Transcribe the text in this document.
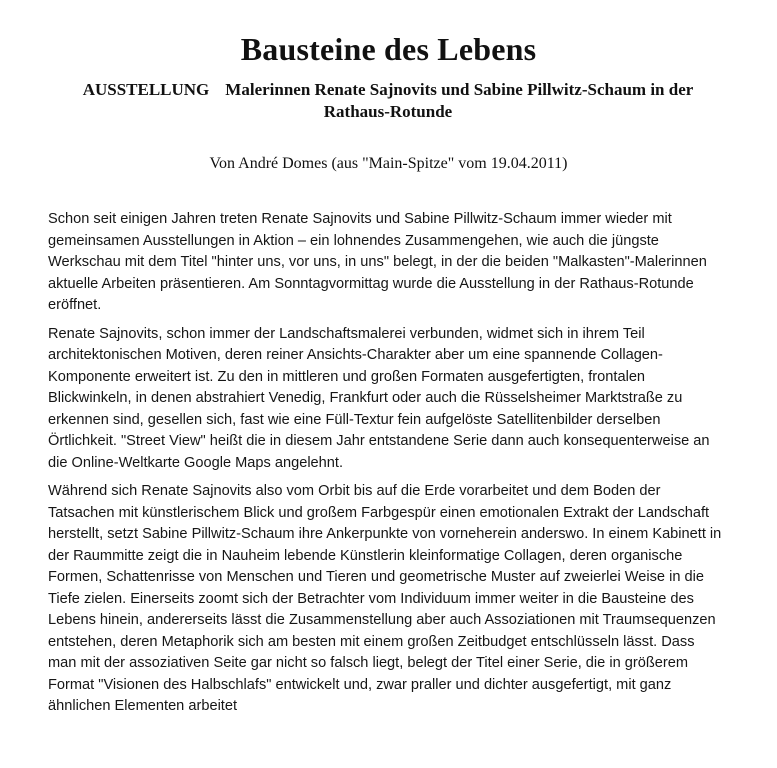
Bausteine des Lebens
AUSSTELLUNG Malerinnen Renate Sajnovits und Sabine Pillwitz-Schaum in der Rathaus-Rotunde
Von André Domes (aus "Main-Spitze" vom 19.04.2011)

Schon seit einigen Jahren treten Renate Sajnovits und Sabine Pillwitz-Schaum immer wieder mit gemeinsamen Ausstellungen in Aktion – ein lohnendes Zusammengehen, wie auch die jüngste Werkschau mit dem Titel "hinter uns, vor uns, in uns" belegt, in der die beiden "Malkasten"-Malerinnen aktuelle Arbeiten präsentieren. Am Sonntagvormittag wurde die Ausstellung in der Rathaus-Rotunde eröffnet.

Renate Sajnovits, schon immer der Landschaftsmalerei verbunden, widmet sich in ihrem Teil architektonischen Motiven, deren reiner Ansichts-Charakter aber um eine spannende Collagen-Komponente erweitert ist. Zu den in mittleren und großen Formaten ausgefertigten, frontalen Blickwinkeln, in denen abstrahiert Venedig, Frankfurt oder auch die Rüsselsheimer Marktstraße zu erkennen sind, gesellen sich, fast wie eine Füll-Textur fein aufgelöste Satellitenbilder derselben Örtlichkeit. "Street View" heißt die in diesem Jahr entstandene Serie dann auch konsequenterweise an die Online-Weltkarte Google Maps angelehnt.

Während sich Renate Sajnovits also vom Orbit bis auf die Erde vorarbeitet und dem Boden der Tatsachen mit künstlerischem Blick und großem Farbgespür einen emotionalen Extrakt der Landschaft herstellt, setzt Sabine Pillwitz-Schaum ihre Ankerpunkte von vorneherein anderswo. In einem Kabinett in der Raummitte zeigt die in Nauheim lebende Künstlerin kleinformatige Collagen, deren organische Formen, Schattenrisse von Menschen und Tieren und geometrische Muster auf zweierlei Weise in die Tiefe zielen. Einerseits zoomt sich der Betrachter vom Individuum immer weiter in die Bausteine des Lebens hinein, andererseits lässt die Zusammenstellung aber auch Assoziationen mit Traumsequenzen entstehen, deren Metaphorik sich am besten mit einem großen Zeitbudget entschlüsseln lässt. Dass man mit der assoziativen Seite gar nicht so falsch liegt, belegt der Titel einer Serie, die in größerem Format "Visionen des Halbschlafs" entwickelt und, zwar praller und dichter ausgefertigt, mit ganz ähnlichen Elementen arbeitet
